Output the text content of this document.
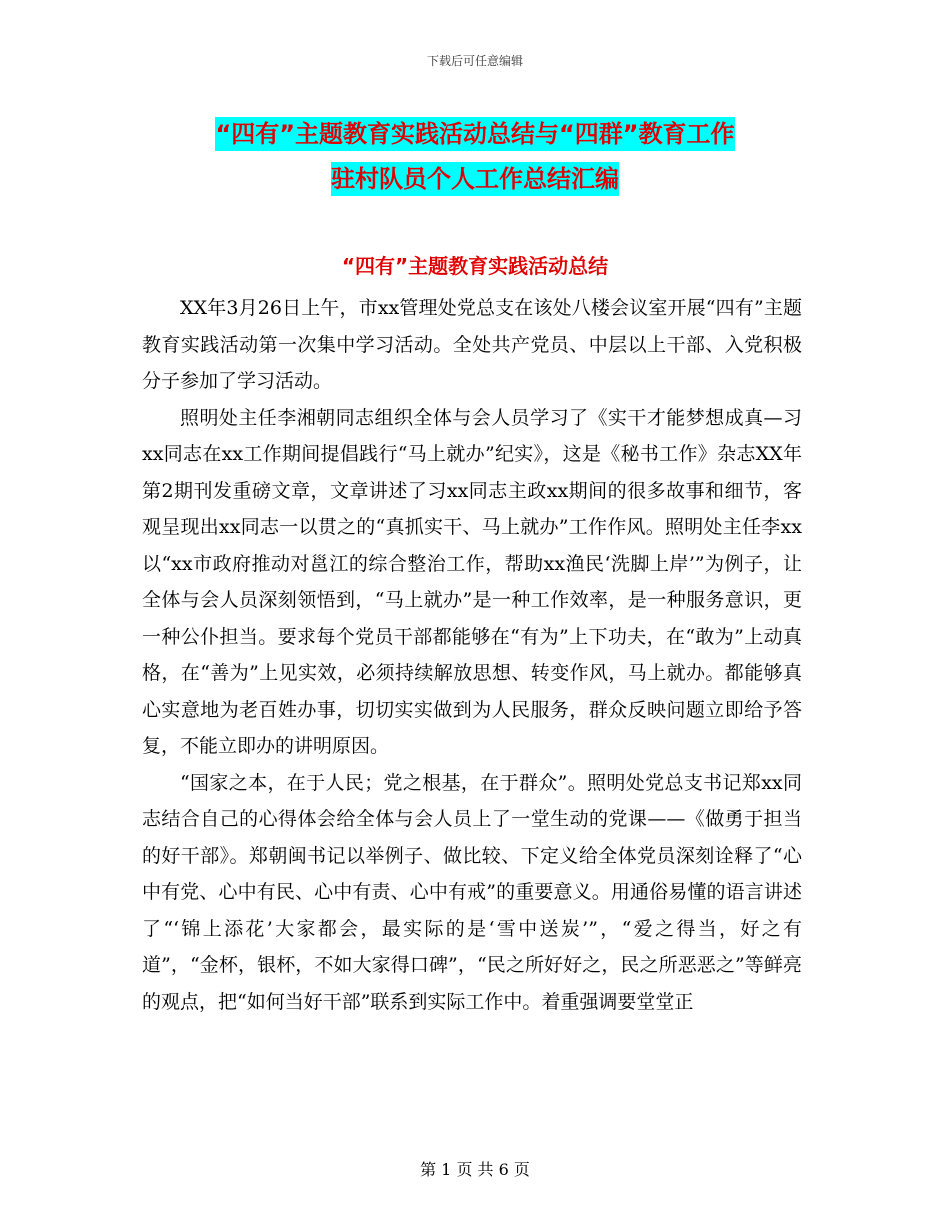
下载后可任意编辑
“四有”主题教育实践活动总结与“四群”教育工作
驻村队员个人工作总结汇编
“四有”主题教育实践活动总结

XX年3月26日上午，市xx管理处党总支在该处八楼会议室开展“四有”主题教育实践活动第一次集中学习活动。全处共产党员、中层以上干部、入党积极分子参加了学习活动。

照明处主任李湘朝同志组织全体与会人员学习了《实干才能梦想成真—习xx同志在xx工作期间提倡践行“马上就办”纪实》，这是《秘书工作》杂志XX年第2期刊发重磅文章，文章讲述了习xx同志主政xx期间的很多故事和细节，客观呈现出xx同志一以贯之的“真抓实干、马上就办”工作作风。照明处主任李xx以“xx市政府推动对邕江的综合整治工作，帮助xx渔民‘洗脚上岸’”为例子，让全体与会人员深刻领悟到，“马上就办”是一种工作效率，是一种服务意识，更一种公仆担当。要求每个党员干部都能够在“有为”上下功夫，在“敢为”上动真格，在“善为”上见实效，必须持续解放思想、转变作风，马上就办。都能够真心实意地为老百姓办事，切切实实做到为人民服务，群众反映问题立即给予答复，不能立即办的讲明原因。

“国家之本，在于人民；党之根基，在于群众”。照明处党总支书记郑xx同志结合自己的心得体会给全体与会人员上了一堂生动的党课——《做勇于担当的好干部》。郑朝闽书记以举例子、做比较、下定义给全体党员深刻诠释了“心中有党、心中有民、心中有责、心中有戒”的重要意义。用通俗易懂的语言讲述了“‘锦上添花’大家都会，最实际的是‘雪中送炭’”，“爱之得当，好之有道”，“金杯，银杯，不如大家得口碑”，“民之所好好之，民之所恶恶之”等鲜亮的观点，把“如何当好干部”联系到实际工作中。着重强调要堂堂正

第 1 页 共 6 页
